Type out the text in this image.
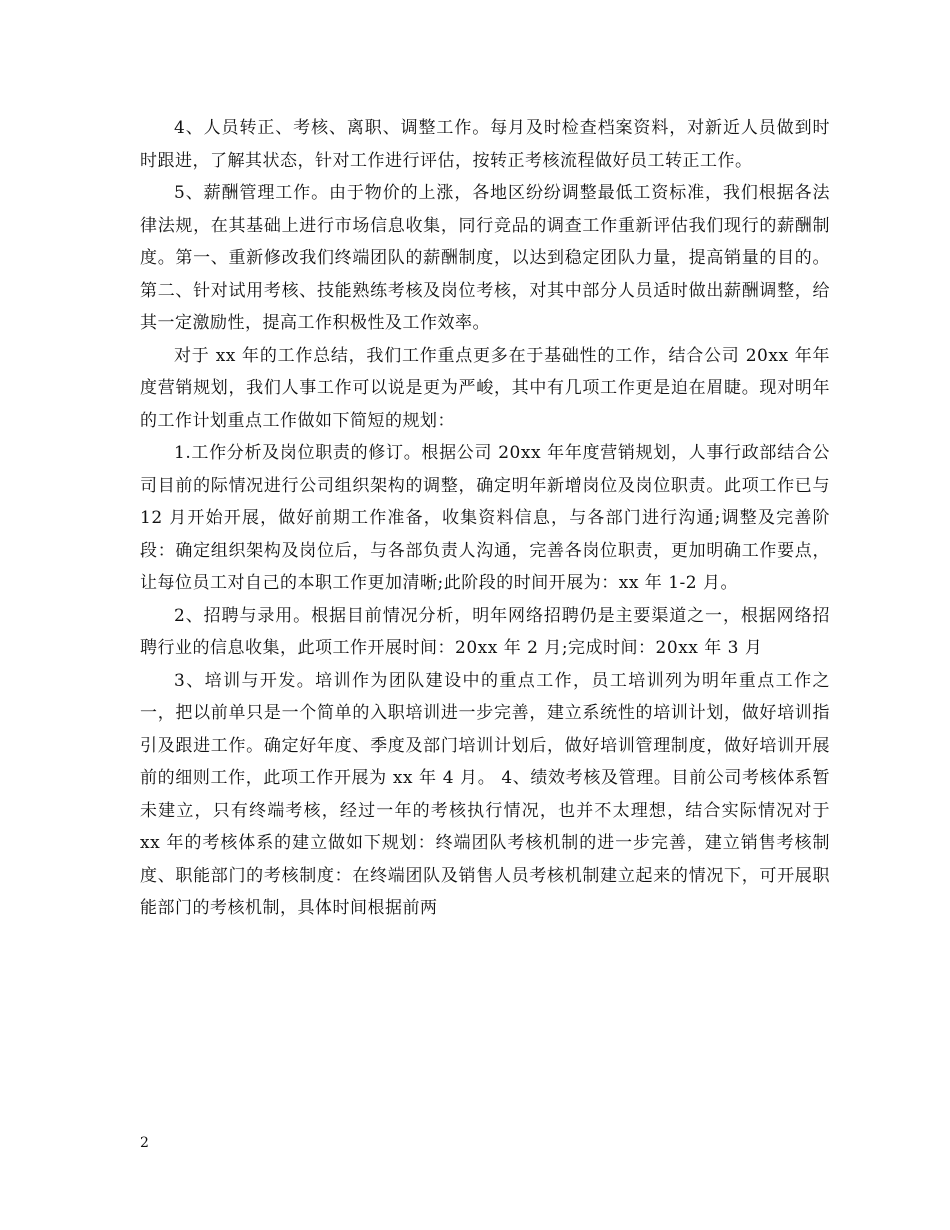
4、人员转正、考核、离职、调整工作。每月及时检查档案资料，对新近人员做到时时跟进，了解其状态，针对工作进行评估，按转正考核流程做好员工转正工作。

5、薪酬管理工作。由于物价的上涨，各地区纷纷调整最低工资标准，我们根据各法律法规，在其基础上进行市场信息收集，同行竞品的调查工作重新评估我们现行的薪酬制度。第一、重新修改我们终端团队的薪酬制度，以达到稳定团队力量，提高销量的目的。第二、针对试用考核、技能熟练考核及岗位考核，对其中部分人员适时做出薪酬调整，给其一定激励性，提高工作积极性及工作效率。

对于 xx 年的工作总结，我们工作重点更多在于基础性的工作，结合公司 20xx 年年度营销规划，我们人事工作可以说是更为严峻，其中有几项工作更是迫在眉睫。现对明年的工作计划重点工作做如下简短的规划：

1.工作分析及岗位职责的修订。根据公司 20xx 年年度营销规划，人事行政部结合公司目前的际情况进行公司组织架构的调整，确定明年新增岗位及岗位职责。此项工作已与 12 月开始开展，做好前期工作准备，收集资料信息，与各部门进行沟通;调整及完善阶段：确定组织架构及岗位后，与各部负责人沟通，完善各岗位职责，更加明确工作要点，让每位员工对自己的本职工作更加清晰;此阶段的时间开展为：xx 年 1-2 月。

2、招聘与录用。根据目前情况分析，明年网络招聘仍是主要渠道之一，根据网络招聘行业的信息收集，此项工作开展时间：20xx 年 2 月;完成时间：20xx 年 3 月

3、培训与开发。培训作为团队建设中的重点工作，员工培训列为明年重点工作之一，把以前单只是一个简单的入职培训进一步完善，建立系统性的培训计划，做好培训指引及跟进工作。确定好年度、季度及部门培训计划后，做好培训管理制度，做好培训开展前的细则工作，此项工作开展为 xx 年 4 月。 4、绩效考核及管理。目前公司考核体系暂未建立，只有终端考核，经过一年的考核执行情况，也并不太理想，结合实际情况对于 xx 年的考核体系的建立做如下规划：终端团队考核机制的进一步完善，建立销售考核制度、职能部门的考核制度：在终端团队及销售人员考核机制建立起来的情况下，可开展职能部门的考核机制，具体时间根据前两

2
